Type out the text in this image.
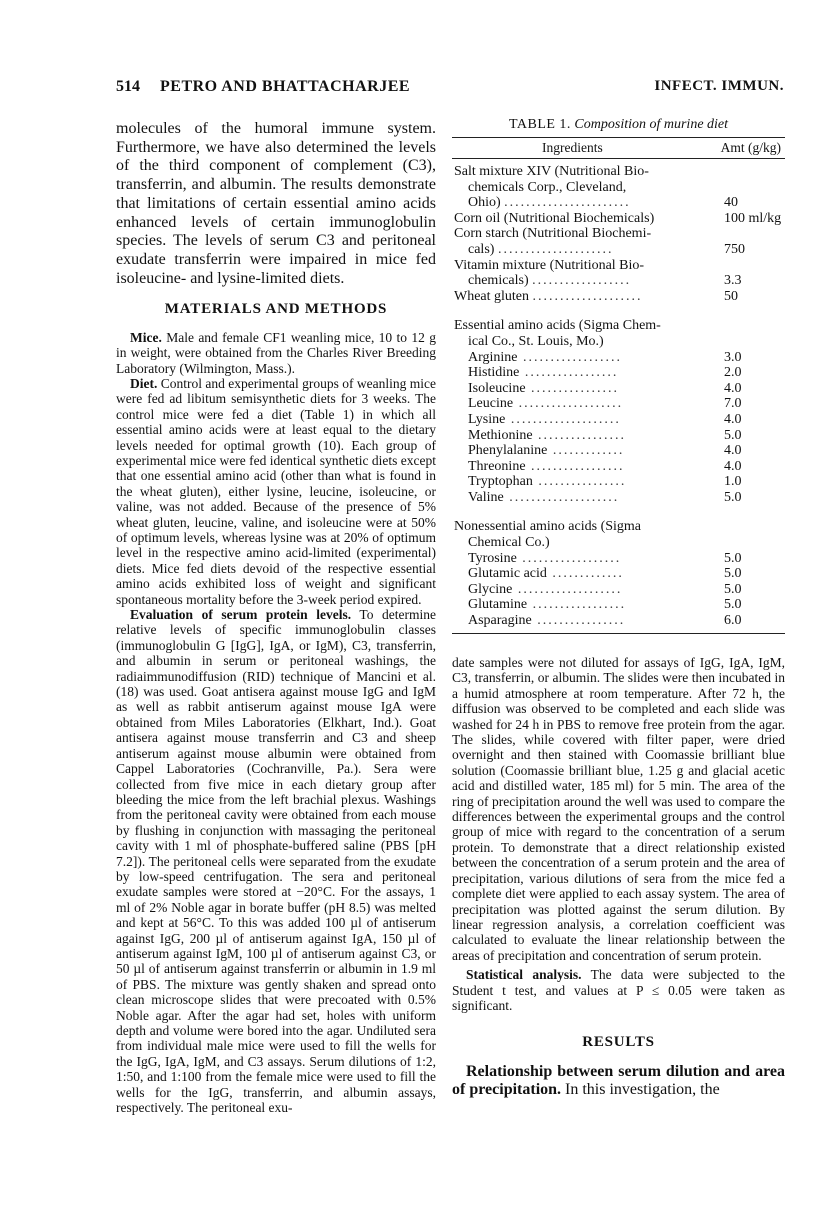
514 PETRO AND BHATTACHARJEE	INFECT. IMMUN.

molecules of the humoral immune system. Furthermore, we have also determined the levels of the third component of complement (C3), transferrin, and albumin. The results demonstrate that limitations of certain essential amino acids enhanced levels of certain immunoglobulin species. The levels of serum C3 and peritoneal exudate transferrin were impaired in mice fed isoleucine- and lysine-limited diets.

MATERIALS AND METHODS

Mice. Male and female CF1 weanling mice, 10 to 12 g in weight, were obtained from the Charles River Breeding Laboratory (Wilmington, Mass.).

Diet. Control and experimental groups of weanling mice were fed ad libitum semisynthetic diets for 3 weeks. The control mice were fed a diet (Table 1) in which all essential amino acids were at least equal to the dietary levels needed for optimal growth (10). Each group of experimental mice were fed identical synthetic diets except that one essential amino acid (other than what is found in the wheat gluten), either lysine, leucine, isoleucine, or valine, was not added. Because of the presence of 5% wheat gluten, leucine, valine, and isoleucine were at 50% of optimum levels, whereas lysine was at 20% of optimum level in the respective amino acid-limited (experimental) diets. Mice fed diets devoid of the respective essential amino acids exhibited loss of weight and significant spontaneous mortality before the 3-week period expired.

Evaluation of serum protein levels. To determine relative levels of specific immunoglobulin classes (immunoglobulin G [IgG], IgA, or IgM), C3, transferrin, and albumin in serum or peritoneal washings, the radiaimmunodiffusion (RID) technique of Mancini et al. (18) was used. Goat antisera against mouse IgG and IgM as well as rabbit antiserum against mouse IgA were obtained from Miles Laboratories (Elkhart, Ind.). Goat antisera against mouse transferrin and C3 and sheep antiserum against mouse albumin were obtained from Cappel Laboratories (Cochranville, Pa.). Sera were collected from five mice in each dietary group after bleeding the mice from the left brachial plexus. Washings from the peritoneal cavity were obtained from each mouse by flushing in conjunction with massaging the peritoneal cavity with 1 ml of phosphate-buffered saline (PBS [pH 7.2]). The peritoneal cells were separated from the exudate by low-speed centrifugation. The sera and peritoneal exudate samples were stored at −20°C. For the assays, 1 ml of 2% Noble agar in borate buffer (pH 8.5) was melted and kept at 56°C. To this was added 100 µl of antiserum against IgG, 200 µl of antiserum against IgA, 150 µl of antiserum against IgM, 100 µl of antiserum against C3, or 50 µl of antiserum against transferrin or albumin in 1.9 ml of PBS. The mixture was gently shaken and spread onto clean microscope slides that were precoated with 0.5% Noble agar. After the agar had set, holes with uniform depth and volume were bored into the agar. Undiluted sera from individual male mice were used to fill the wells for the IgG, IgA, IgM, and C3 assays. Serum dilutions of 1:2, 1:50, and 1:100 from the female mice were used to fill the wells for the IgG, transferrin, and albumin assays, respectively. The peritoneal exu-

TABLE 1. Composition of murine diet
Ingredients	Amt (g/kg)
Salt mixture XIV (Nutritional Bio-
chemicals Corp., Cleveland,
Ohio) .......................	40
Corn oil (Nutritional Biochemicals)	100 ml/kg
Corn starch (Nutritional Biochemi-
cals) .....................	750
Vitamin mixture (Nutritional Bio-
chemicals) ..................	3.3
Wheat gluten ....................	50
Essential amino acids (Sigma Chem-
ical Co., St. Louis, Mo.)
Arginine ..................	3.0
Histidine .................	2.0
Isoleucine ................	4.0
Leucine ...................	7.0
Lysine ....................	4.0
Methionine ................	5.0
Phenylalanine .............	4.0
Threonine .................	4.0
Tryptophan ................	1.0
Valine ....................	5.0
Nonessential amino acids (Sigma
Chemical Co.)
Tyrosine ..................	5.0
Glutamic acid .............	5.0
Glycine ...................	5.0
Glutamine .................	5.0
Asparagine ................	6.0

date samples were not diluted for assays of IgG, IgA, IgM, C3, transferrin, or albumin. The slides were then incubated in a humid atmosphere at room temperature. After 72 h, the diffusion was observed to be completed and each slide was washed for 24 h in PBS to remove free protein from the agar. The slides, while covered with filter paper, were dried overnight and then stained with Coomassie brilliant blue solution (Coomassie brilliant blue, 1.25 g and glacial acetic acid and distilled water, 185 ml) for 5 min. The area of the ring of precipitation around the well was used to compare the differences between the experimental groups and the control group of mice with regard to the concentration of a serum protein. To demonstrate that a direct relationship existed between the concentration of a serum protein and the area of precipitation, various dilutions of sera from the mice fed a complete diet were applied to each assay system. The area of precipitation was plotted against the serum dilution. By linear regression analysis, a correlation coefficient was calculated to evaluate the linear relationship between the areas of precipitation and concentration of serum protein.

Statistical analysis. The data were subjected to the Student t test, and values at P ≤ 0.05 were taken as significant.

RESULTS

Relationship between serum dilution and area of precipitation. In this investigation, the
